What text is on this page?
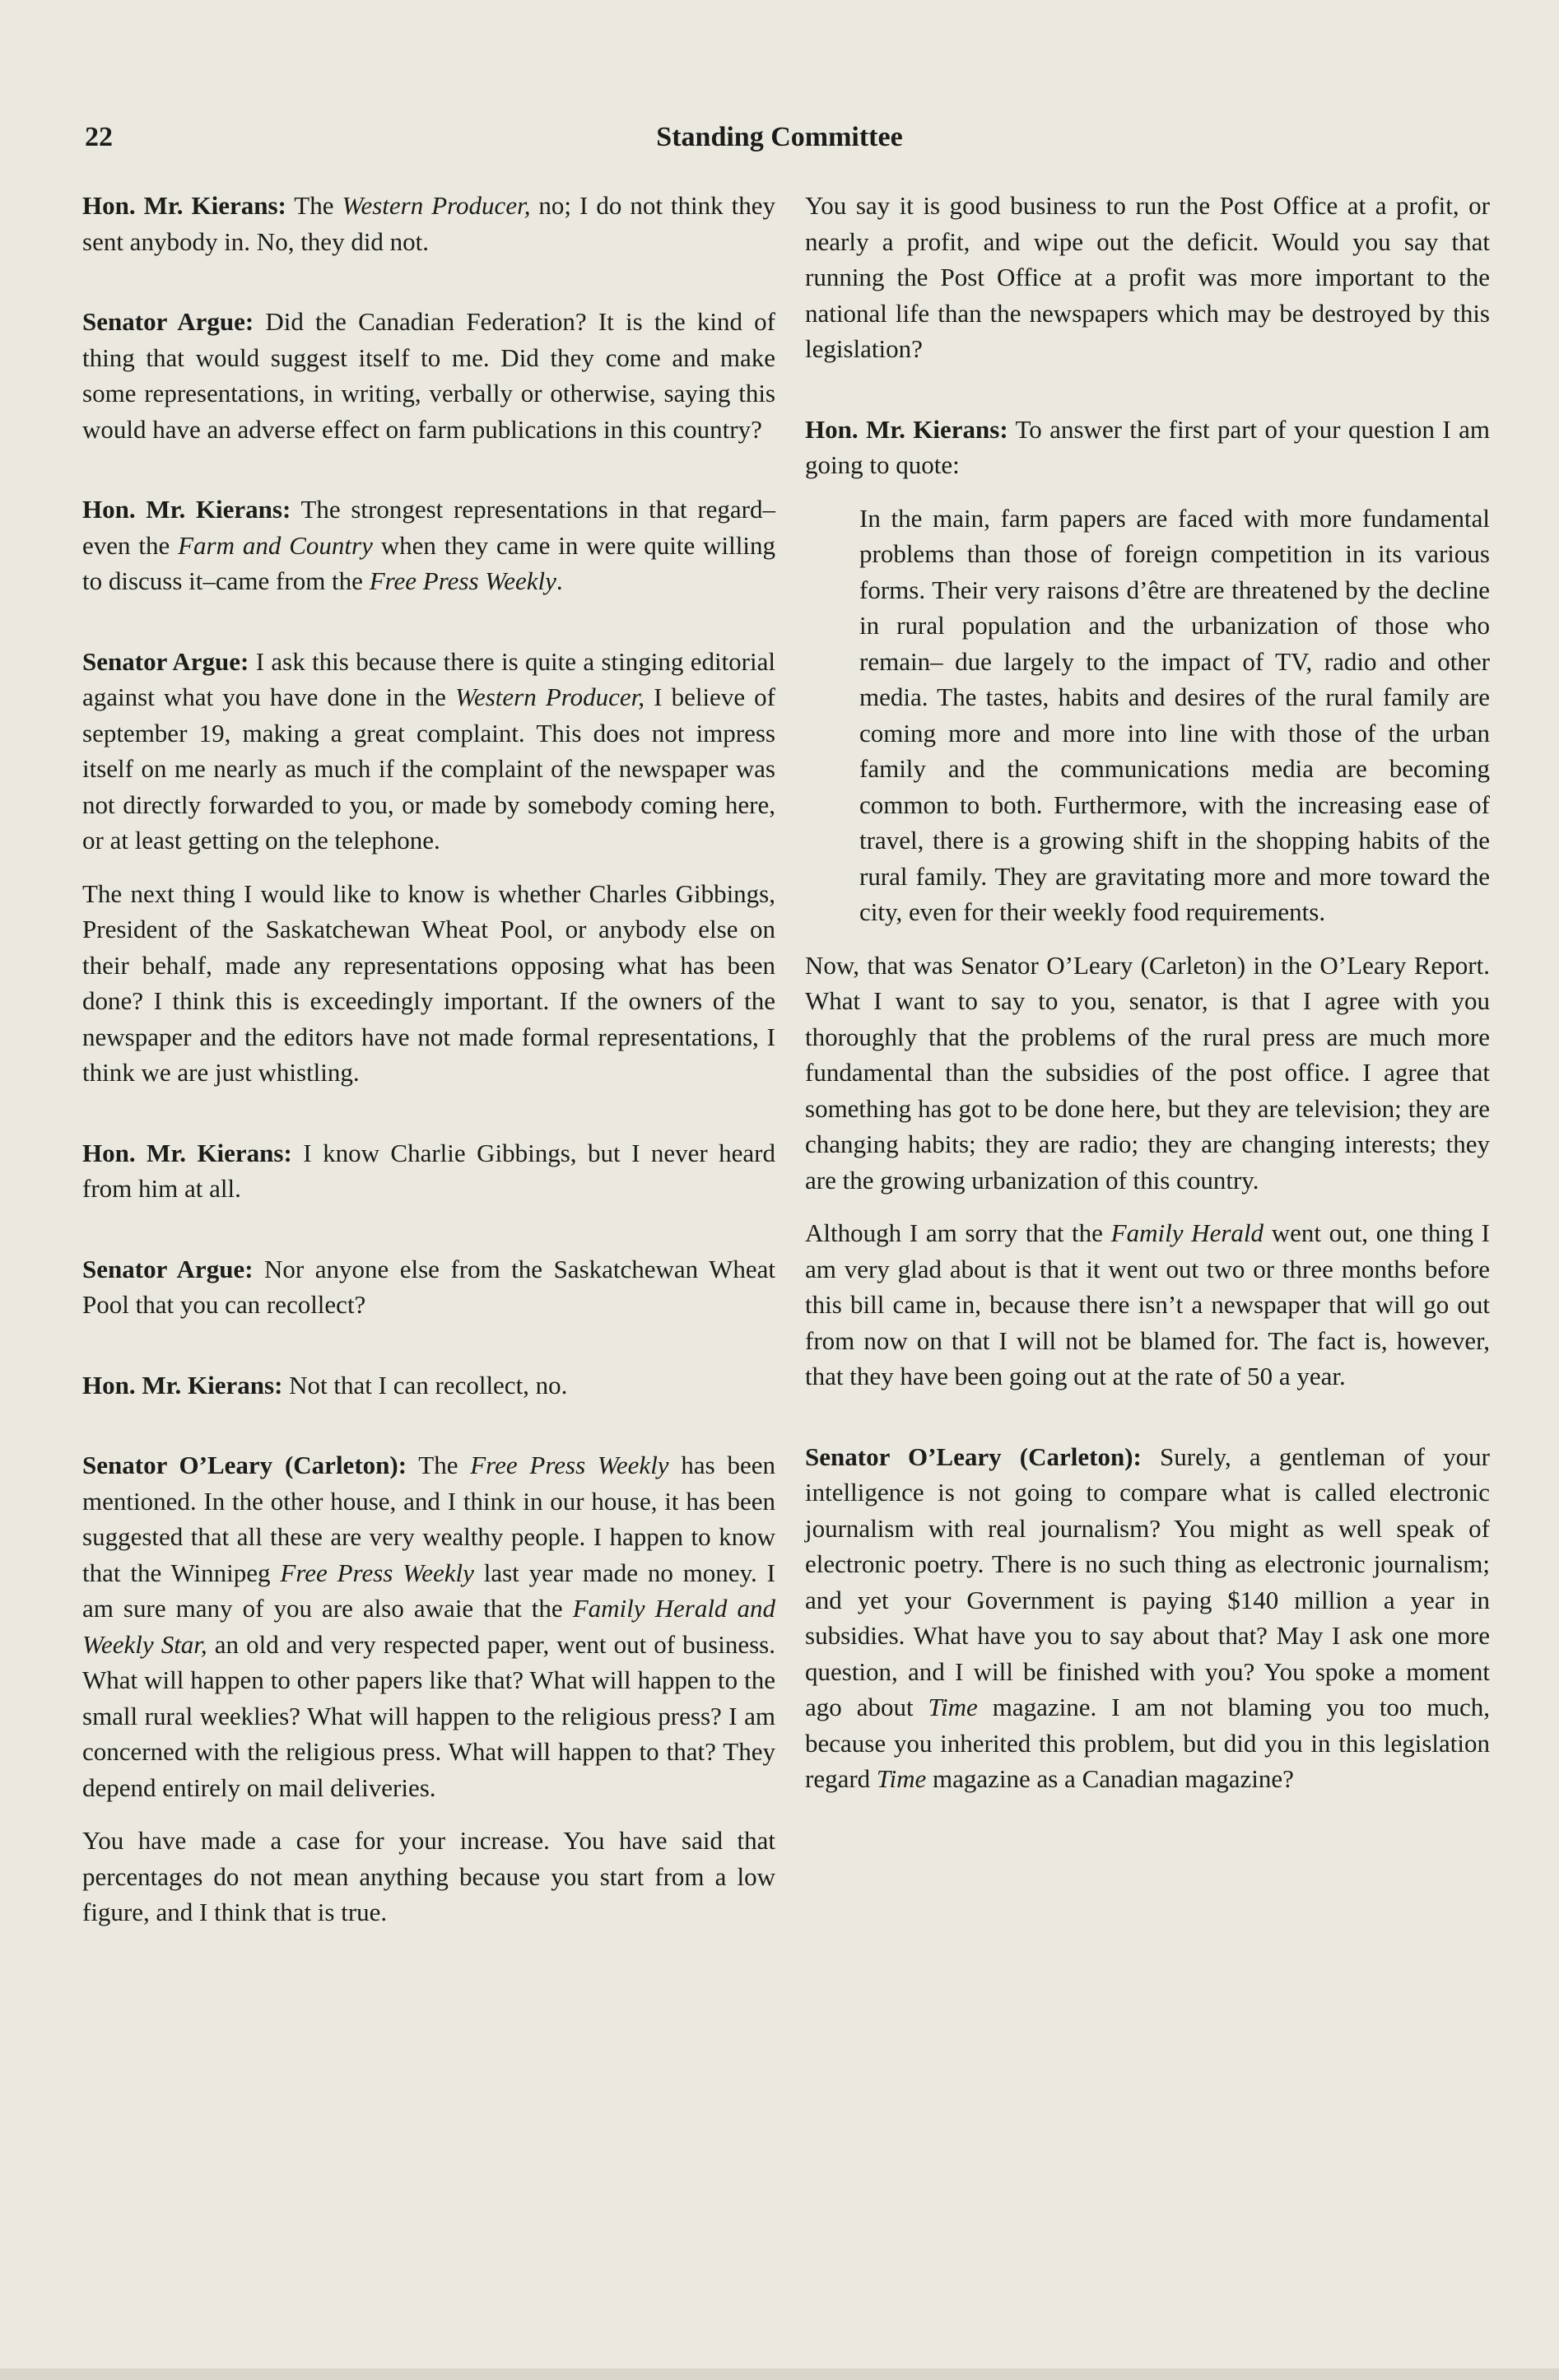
22	Standing Committee

Hon. Mr. Kierans: The Western Producer, no; I do not think they sent anybody in. No, they did not.

Senator Argue: Did the Canadian Federation? It is the kind of thing that would suggest itself to me. Did they come and make some representations, in writing, verbally or otherwise, saying this would have an adverse effect on farm publications in this country?

Hon. Mr. Kierans: The strongest representations in that regard–even the Farm and Country when they came in were quite willing to discuss it–came from the Free Press Weekly.

Senator Argue: I ask this because there is quite a stinging editorial against what you have done in the Western Producer, I believe of september 19, making a great complaint. This does not impress itself on me nearly as much if the complaint of the newspaper was not directly forwarded to you, or made by somebody coming here, or at least getting on the telephone.

The next thing I would like to know is whether Charles Gibbings, President of the Saskatchewan Wheat Pool, or anybody else on their behalf, made any representations opposing what has been done? I think this is exceedingly important. If the owners of the newspaper and the editors have not made formal representations, I think we are just whistling.

Hon. Mr. Kierans: I know Charlie Gibbings, but I never heard from him at all.

Senator Argue: Nor anyone else from the Saskatchewan Wheat Pool that you can recollect?

Hon. Mr. Kierans: Not that I can recollect, no.

Senator O’Leary (Carleton): The Free Press Weekly has been mentioned. In the other house, and I think in our house, it has been suggested that all these are very wealthy people. I happen to know that the Winnipeg Free Press Weekly last year made no money. I am sure many of you are also awaie that the Family Herald and Weekly Star, an old and very respected paper, went out of business. What will happen to other papers like that? What will happen to the small rural weeklies? What will happen to the religious press? I am concerned with the religious press. What will happen to that? They depend entirely on mail deliveries.

You have made a case for your increase. You have said that percentages do not mean anything because you start from a low figure, and I think that is true.

You say it is good business to run the Post Office at a profit, or nearly a profit, and wipe out the deficit. Would you say that running the Post Office at a profit was more important to the national life than the newspapers which may be destroyed by this legislation?

Hon. Mr. Kierans: To answer the first part of your question I am going to quote:

In the main, farm papers are faced with more fundamental problems than those of foreign competition in its various forms. Their very raisons d’être are threatened by the decline in rural population and the urbanization of those who remain– due largely to the impact of TV, radio and other media. The tastes, habits and desires of the rural family are coming more and more into line with those of the urban family and the communications media are becoming common to both. Furthermore, with the increasing ease of travel, there is a growing shift in the shopping habits of the rural family. They are gravitating more and more toward the city, even for their weekly food requirements.

Now, that was Senator O’Leary (Carleton) in the O’Leary Report. What I want to say to you, senator, is that I agree with you thoroughly that the problems of the rural press are much more fundamental than the subsidies of the post office. I agree that something has got to be done here, but they are television; they are changing habits; they are radio; they are changing interests; they are the growing urbanization of this country.

Although I am sorry that the Family Herald went out, one thing I am very glad about is that it went out two or three months before this bill came in, because there isn’t a newspaper that will go out from now on that I will not be blamed for. The fact is, however, that they have been going out at the rate of 50 a year.

Senator O’Leary (Carleton): Surely, a gentleman of your intelligence is not going to compare what is called electronic journalism with real journalism? You might as well speak of electronic poetry. There is no such thing as electronic journalism; and yet your Government is paying $140 million a year in subsidies. What have you to say about that? May I ask one more question, and I will be finished with you? You spoke a moment ago about Time magazine. I am not blaming you too much, because you inherited this problem, but did you in this legislation regard Time magazine as a Canadian magazine?
